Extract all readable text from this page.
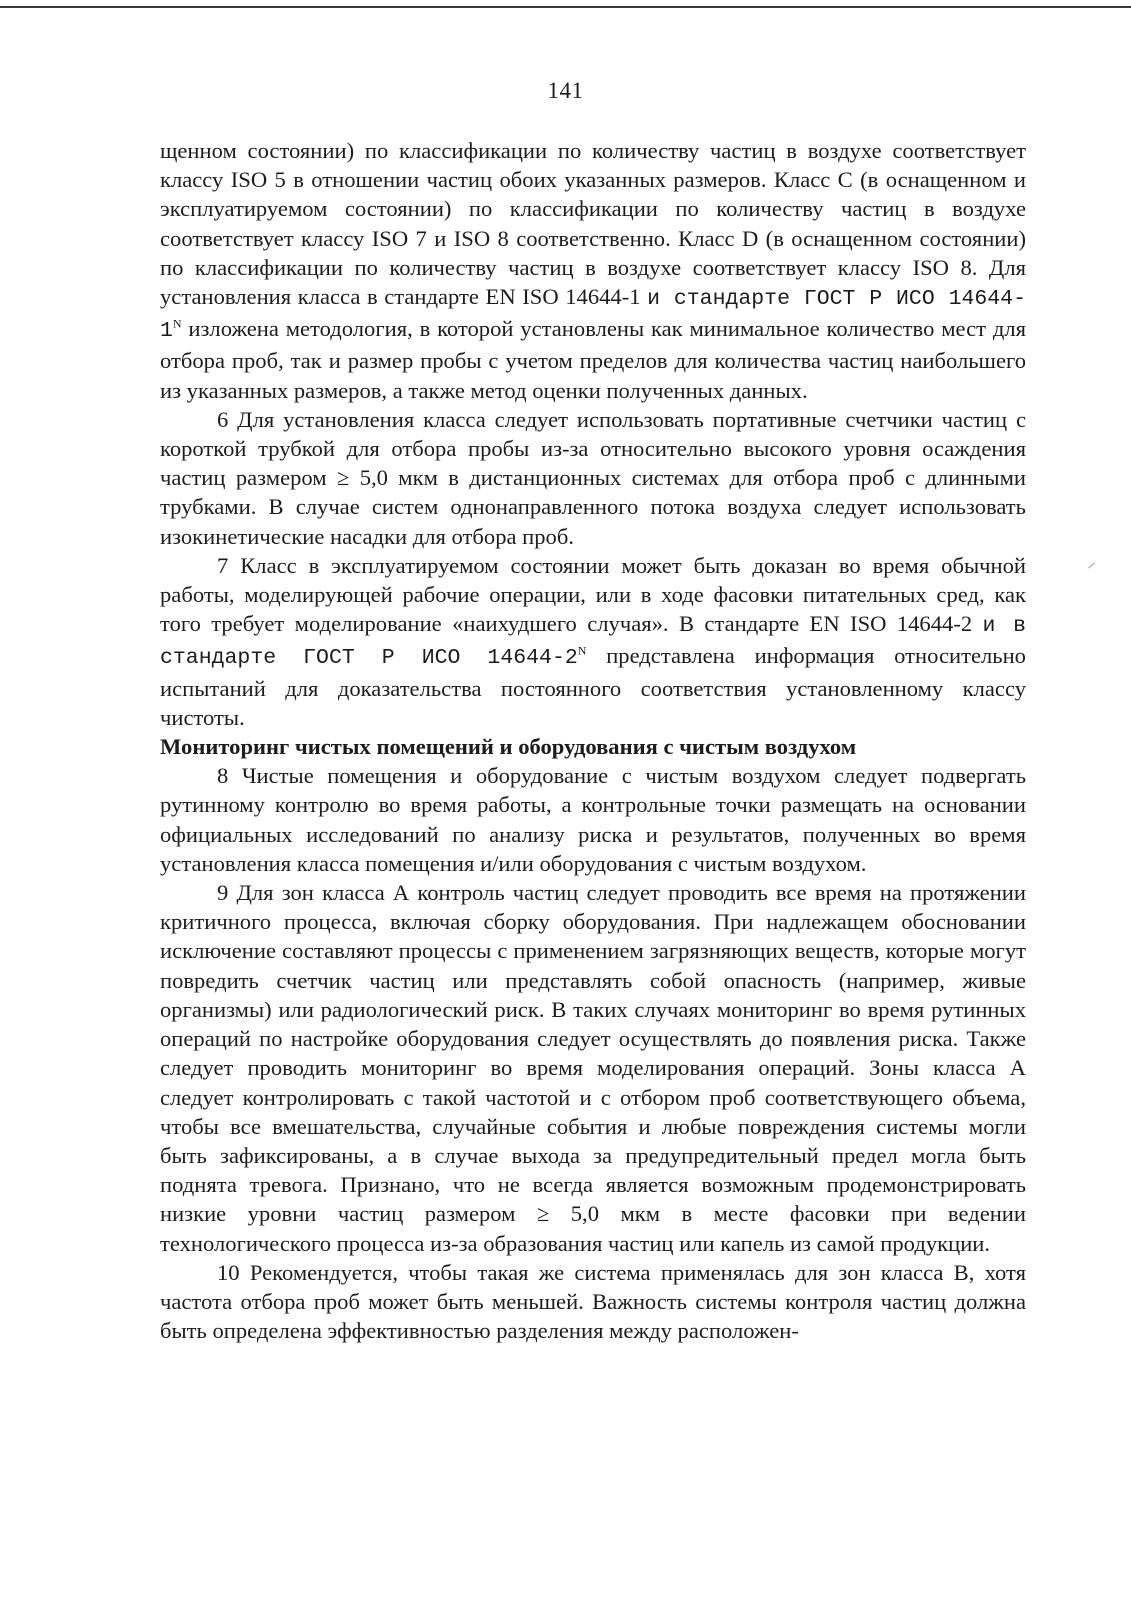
141

щенном состоянии) по классификации по количеству частиц в воздухе соответствует классу ISO 5 в отношении частиц обоих указанных размеров. Класс С (в оснащенном и эксплуатируемом состоянии) по классификации по количеству частиц в воздухе соответствует классу ISO 7 и ISO 8 соответственно. Класс D (в оснащенном состоянии) по классификации по количеству частиц в воздухе соответствует классу ISO 8. Для установления класса в стандарте EN ISO 14644-1 и стандарте ГОСТ Р ИСО $14644-1^N$ изложена методология, в которой установлены как минимальное количество мест для отбора проб, так и размер пробы с учетом пределов для количества частиц наибольшего из указанных размеров, а также метод оценки полученных данных.

6 Для установления класса следует использовать портативные счетчики частиц с короткой трубкой для отбора пробы из-за относительно высокого уровня осаждения частиц размером ≥ 5,0 мкм в дистанционных системах для отбора проб с длинными трубками. В случае систем однонаправленного потока воздуха следует использовать изокинетические насадки для отбора проб.

7 Класс в эксплуатируемом состоянии может быть доказан во время обычной работы, моделирующей рабочие операции, или в ходе фасовки питательных сред, как того требует моделирование «наихудшего случая». В стандарте EN ISO 14644-2 и в стандарте ГОСТ Р ИСО $14644-2^N$ представлена информация относительно испытаний для доказательства постоянного соответствия установленному классу чистоты.

Мониторинг чистых помещений и оборудования с чистым воздухом

8 Чистые помещения и оборудование с чистым воздухом следует подвергать рутинному контролю во время работы, а контрольные точки размещать на основании официальных исследований по анализу риска и результатов, полученных во время установления класса помещения и/или оборудования с чистым воздухом.

9 Для зон класса А контроль частиц следует проводить все время на протяжении критичного процесса, включая сборку оборудования. При надлежащем обосновании исключение составляют процессы с применением загрязняющих веществ, которые могут повредить счетчик частиц или представлять собой опасность (например, живые организмы) или радиологический риск. В таких случаях мониторинг во время рутинных операций по настройке оборудования следует осуществлять до появления риска. Также следует проводить мониторинг во время моделирования операций. Зоны класса А следует контролировать с такой частотой и с отбором проб соответствующего объема, чтобы все вмешательства, случайные события и любые повреждения системы могли быть зафиксированы, а в случае выхода за предупредительный предел могла быть поднята тревога. Признано, что не всегда является возможным продемонстрировать низкие уровни частиц размером ≥ 5,0 мкм в месте фасовки при ведении технологического процесса из-за образования частиц или капель из самой продукции.

10 Рекомендуется, чтобы такая же система применялась для зон класса В, хотя частота отбора проб может быть меньшей. Важность системы контроля частиц должна быть определена эффективностью разделения между расположен-
